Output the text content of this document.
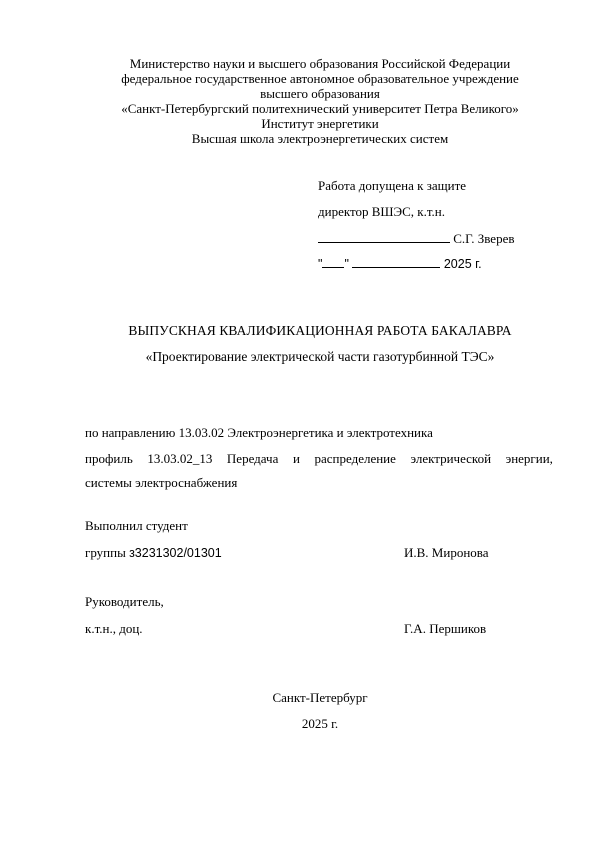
Министерство науки и высшего образования Российской Федерации
федеральное государственное автономное образовательное учреждение
высшего образования
«Санкт-Петербургский политехнический университет Петра Великого»
Институт энергетики
Высшая школа электроэнергетических систем
Работа допущена к защите
директор ВШЭС, к.т.н.
С.Г. Зверев
" "	2025 г.
ВЫПУСКНАЯ КВАЛИФИКАЦИОННАЯ РАБОТА БАКАЛАВРА
«Проектирование электрической части газотурбинной ТЭС»
по направлению 13.03.02 Электроэнергетика и электротехника
профиль 13.03.02_13 Передача и распределение электрической энергии,
системы электроснабжения
Выполнил студент
группы з3231302/01301	И.В. Миронова
Руководитель,
к.т.н., доц.	Г.А. Першиков
Санкт-Петербург
2025 г.
